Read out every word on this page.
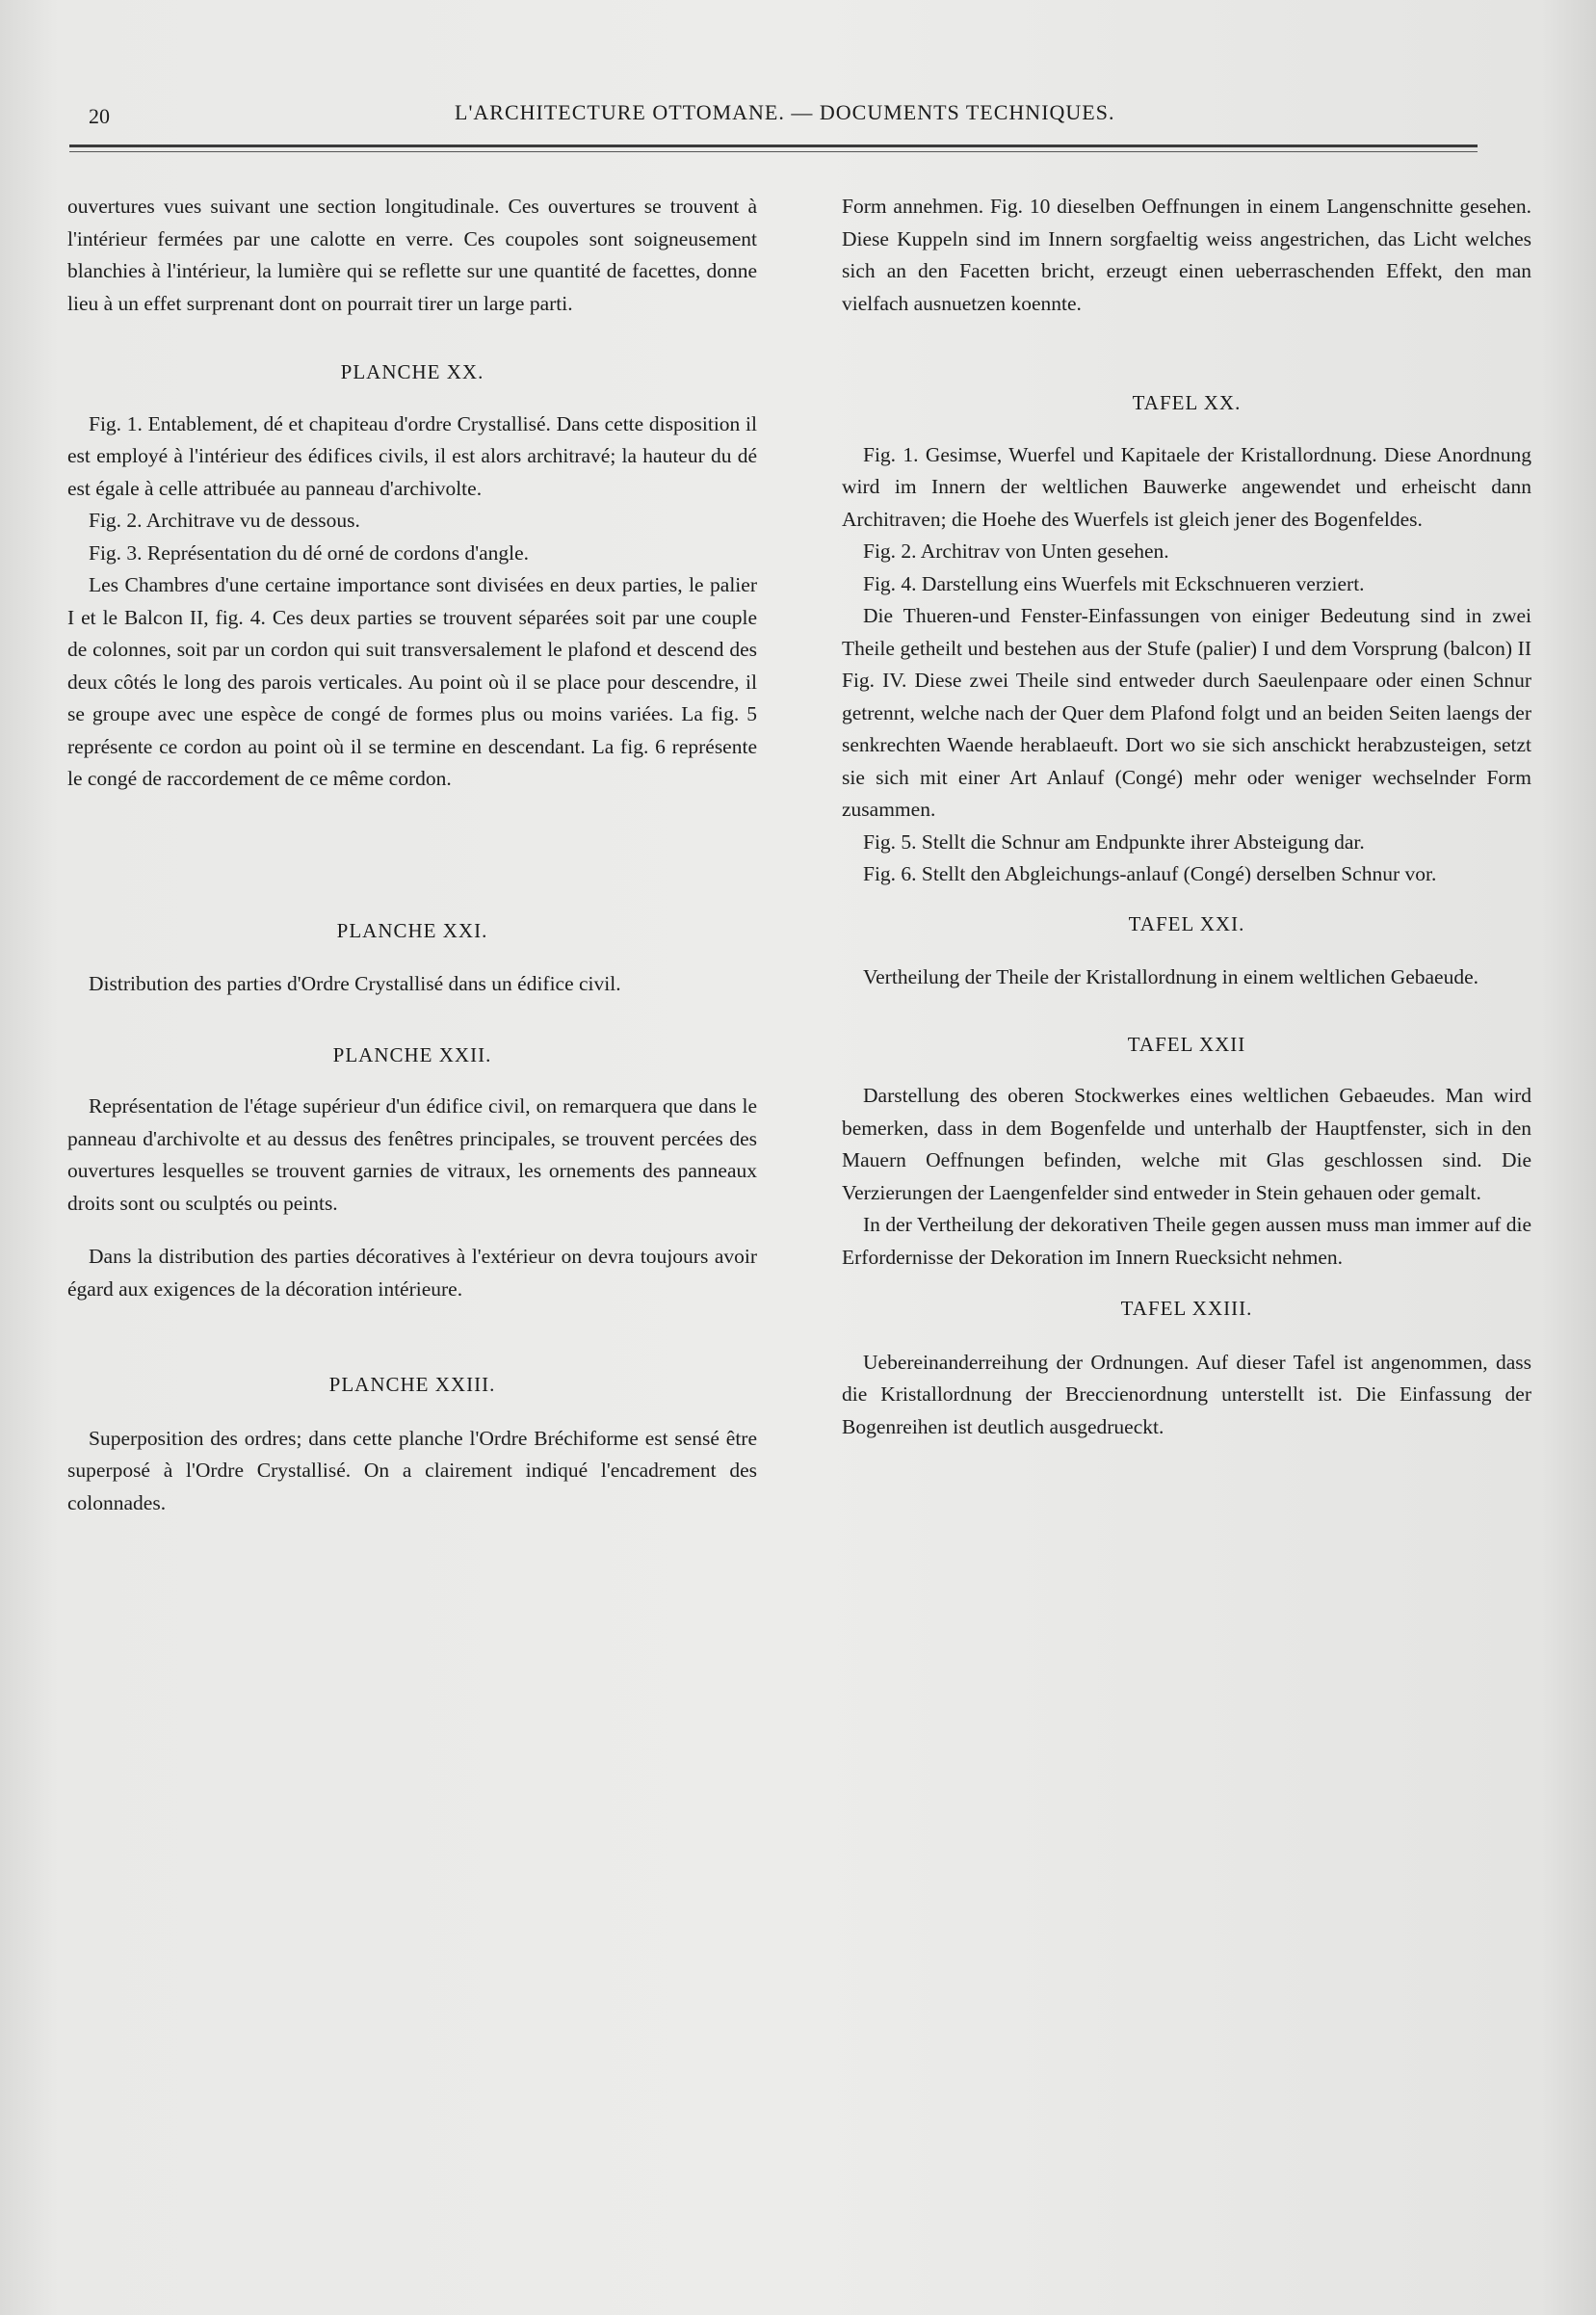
20	L'ARCHITECTURE OTTOMANE. — DOCUMENTS TECHNIQUES.

ouvertures vues suivant une section longitudinale. Ces ouvertures se trouvent à l'intérieur fermées par une calotte en verre. Ces coupoles sont soigneusement blanchies à l'intérieur, la lumière qui se reflette sur une quantité de facettes, donne lieu à un effet surprenant dont on pourrait tirer un large parti.

PLANCHE XX.

Fig. 1. Entablement, dé et chapiteau d'ordre Crystallisé. Dans cette disposition il est employé à l'intérieur des édifices civils, il est alors architravé; la hauteur du dé est égale à celle attribuée au panneau d'archivolte.

Fig. 2. Architrave vu de dessous.

Fig. 3. Représentation du dé orné de cordons d'angle.

Les Chambres d'une certaine importance sont divisées en deux parties, le palier I et le Balcon II, fig. 4. Ces deux parties se trouvent séparées soit par une couple de colonnes, soit par un cordon qui suit transversalement le plafond et descend des deux côtés le long des parois verticales. Au point où il se place pour descendre, il se groupe avec une espèce de congé de formes plus ou moins variées. La fig. 5 représente ce cordon au point où il se termine en descendant. La fig. 6 représente le congé de raccordement de ce même cordon.

PLANCHE XXI.

Distribution des parties d'Ordre Crystallisé dans un édifice civil.

PLANCHE XXII.

Représentation de l'étage supérieur d'un édifice civil, on remarquera que dans le panneau d'archivolte et au dessus des fenêtres principales, se trouvent percées des ouvertures lesquelles se trouvent garnies de vitraux, les ornements des panneaux droits sont ou sculptés ou peints.

Dans la distribution des parties décoratives à l'extérieur on devra toujours avoir égard aux exigences de la décoration intérieure.

PLANCHE XXIII.

Superposition des ordres; dans cette planche l'Ordre Bréchiforme est sensé être superposé à l'Ordre Crystallisé. On a clairement indiqué l'encadrement des colonnades.

Form annehmen. Fig. 10 dieselben Oeffnungen in einem Langenschnitte gesehen. Diese Kuppeln sind im Innern sorgfaeltig weiss angestrichen, das Licht welches sich an den Facetten bricht, erzeugt einen ueberraschenden Effekt, den man vielfach ausnuetzen koennte.

TAFEL XX.

Fig. 1. Gesimse, Wuerfel und Kapitaele der Kristallordnung. Diese Anordnung wird im Innern der weltlichen Bauwerke angewendet und erheischt dann Architraven; die Hoehe des Wuerfels ist gleich jener des Bogenfeldes.

Fig. 2. Architrav von Unten gesehen.

Fig. 4. Darstellung eins Wuerfels mit Eckschnueren verziert.

Die Thueren-und Fenster-Einfassungen von einiger Bedeutung sind in zwei Theile getheilt und bestehen aus der Stufe (palier) I und dem Vorsprung (balcon) II Fig. IV. Diese zwei Theile sind entweder durch Saeulenpaare oder einen Schnur getrennt, welche nach der Quer dem Plafond folgt und an beiden Seiten laengs der senkrechten Waende herablaeuft. Dort wo sie sich anschickt herabzusteigen, setzt sie sich mit einer Art Anlauf (Congé) mehr oder weniger wechselnder Form zusammen.

Fig. 5. Stellt die Schnur am Endpunkte ihrer Absteigung dar.

Fig. 6. Stellt den Abgleichungs-anlauf (Congé) derselben Schnur vor.

TAFEL XXI.

Vertheilung der Theile der Kristallordnung in einem weltlichen Gebaeude.

TAFEL XXII

Darstellung des oberen Stockwerkes eines weltlichen Gebaeudes. Man wird bemerken, dass in dem Bogenfelde und unterhalb der Hauptfenster, sich in den Mauern Oeffnungen befinden, welche mit Glas geschlossen sind. Die Verzierungen der Laengenfelder sind entweder in Stein gehauen oder gemalt.

In der Vertheilung der dekorativen Theile gegen aussen muss man immer auf die Erfordernisse der Dekoration im Innern Ruecksicht nehmen.

TAFEL XXIII.

Uebereinanderreihung der Ordnungen. Auf dieser Tafel ist angenommen, dass die Kristallordnung der Breccienordnung unterstellt ist. Die Einfassung der Bogenreihen ist deutlich ausgedrueckt.
